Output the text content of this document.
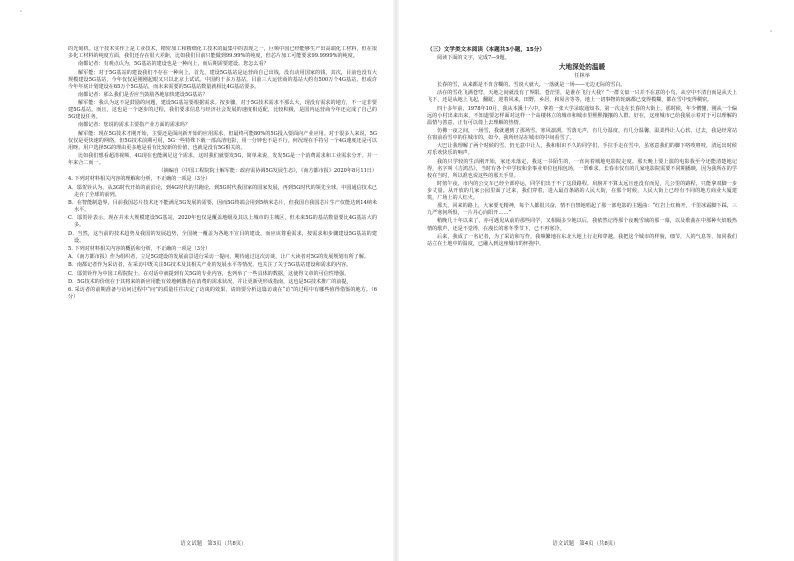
的光刻机。这个技术实作上是工业技术，精密加工和精细化工技术的最集中的表现之一，巨频中国已经能够生产出高端化工材料，但在很多化工材料的纯度方面，我们还存在很大差距，比如我们目前只能做到99.99%的纯度，但芯片加工可能要求99.9999%的纯度。

南都记者：有观点认为，5G基站的建设也是一种向上，而后期需要建设。您怎么看？

解军能：对于5G基站的建设我们不存在一种向上，首先，建设5G基站是运营商自己出钱，没有动用国家的钱，其次，目前也没有大规模建设5G基站，今年仅仅是刚刚起眼又只以北京上试试。中国约千多万基站，目前三大运营商的基站大约有500万个4G基站，但或许今年年底计划建设在65万个5G基站，而未来需要的5G基站数量就相比4G基站要多。

南都记者：那么我们是否应当鼓励各地加快建设5G基站？

解军能：我认为这不是鼓励的问题，建设5G基站要根据需求。按步骤，对于5G技术需求不那么大，现没有需求的地方，不一定非要建5G基站。而且，这也是一个逐步的过程，我们要求信息与经济社会发展的速度相适配，比较积极，是国内运营商今年还完成了自己的5G建设任务。

南都记者：您说的需求主要指产业方面的需求吗？

解军能：现在5G技术才刚开始，主要还是面向新开始的应用需求，但最终可能80%的5G投入要面向产业应用。对于很多人来说，5G仅仅是更快速的网络，但5G技术前期可用，5G一些特殊下载一部高清电影，用一分钟也不是不行，何况现在手持另一个4G速度还是可以用呀。用户选择5G的理由更多地是看有比较新的价值，也就是没有5G相关的。

比如我们想看超清视频，4G现在也能满足这个需求，这时我们就要发5G，简单来说，发发5G是一个消费需求和工业需求分开。并一年来合二而一。

（摘编自《中国工程院院士解军能：政府需协调5G发展生态》，《南方都市报》2020年8月11日）

4. 下列对材料相关内容的理解和分析，不正确的一项是（3分）

A．邬贺铨认为，从3G时代开始的前沿论，到4G时代的共跑论，到5G时代我国家的国家发展，再到5G时代的领先全球，中国通信技术已走在了全球的前列。

B．在智能制造界，目前我国芯片技术还不能满足5G发展的需要，因而5G终端会用到5纳米芯片，但我国自我国芯片生产仅能达到14纳米水平。

C．邬贺铨表示，现在并未大规模建设5G基站，2020年也仅是覆盖地级及其以上城市的主城区，但未来5G的基站数量要比4G基站大的多。

D．当然，这当前的技术趋势及我国的发展趋势，全国统一覆盖为各地不宣目的建设，而应该尊重需求，按需求和步骤建设5G基站的建设。

5. 下列对材料相关内容的概括和分析，不正确的一项是（3分）

A．《南方都市报》作为组织者，立足5G建设的发展前景进行采访一提问，期待通过这次访谈，让广大读者对5G的发展规划有所了解。

B．南都记者作为采访者，在采访中既关注5G技术及其相关产业的发展水平等情况，也关注了关于5G基站建设和需求的内容。

C．邬贺铨作为中国工程院院士，在对话中就提到有关5G的专业内容，也列举了一些具体的数据，这使得文章的可信性增强。

D．5G技术的价值在于其将来的新应用能有效地刺激者在消费的需求状况，并让更新更形成指南，这也是5G技术推广的前提。

6. 采访者的前期准备与访问过程中“问”的质量往往决定了访谈的效果，请简要分析这篇访谈在“访”的过程中有哪些值得借鉴的地方。（6分）

语文试题　第3页（共8页）

（三）文学类文本阅读（本题共3小题，15分）

阅读下面的文字，完成7—9题。

大地深处的温暖

任林举

长春的雪，从来都是不肯含糊的。雪说大就大，一落就是一场——无边无际的雪白。

活在的雪花飞满苍穹，天地之间就没有了界限。苍茫里，是谁在飞行大我？“一群文似一只并不在意的小鸟，从空中不清自而是从天上飞下，还是从地上飞起，翻跹，迎着风来，田野，乡居，和屋舍等等，地上一切事物的轮廓都已变得模糊，都在雪中变得稠密。

四十多年前，1978年10月，我从本溪十六中，拿着一张大学录取通知书，第一次走在长春的大街上。那时候，年少懵懂，刚从一个偏远的小村出来出来，不知道要怎样面对这样一个高楼林立的城市和城市里熙熙攘攘的人群。好在，这座城市已给我展示着对于可以理解的温情与善意，正有可以倚上去理解的热情。

仿佛一夜之间，一场雪，我就遇到了那场雪。寒风凛冽，雪落无声，有几分温度，有几分温馨，温柔得让人心软。过去，我是经常站在窗前看雪中的住城市的，如今，我所经站在城市的中间看雪了。

大巴让我理解了两个时候的雪，仍无意中让人，我和相识不久的同学们，手拉手走在雪中，虽寒意我们的脚下咯吱咯吱，清远出时候对乐欢快乐的响声。

我的只学较的生活刚开始，家还未落定，我这一书陌生的，一直向着城地电影院走度。那天晚上要上演的电影我至今还能清楚地记得，名字叫《吉鸿昌》，当时有各个中学校和企事业单位包相包场，一票难求。长春市仅有的几家电影院需要不同期播映，因为我所在的学校在当时，所以准也说这些的那天手里。

时值午夜，市内的公交车已经全部停运，同学们出于不了这段路程。肩膀并不算太远且连没有而见，几公里的路程，只能拿双脚一步步丈量。从开放的几家公园里面了过来，我们穿着，进入最首条路的人民大街，在那个时候，人民大街上已经有不同的地方商业大厦建筑，广场上的人红火。

那天，回来的路上，大家要无精神，每个人都很兴奋，情不自禁地唱起了那一部电影的主题曲：“红岩上红梅开，千里冰霜脚下踩，三九严寒何所惧，一片丹心向阳开……”

稍晚几十年以来了，亦可遇见从前的那些同学，又相隔多少地以后，我依然记得那个夜晚雪域的那一幕，以及歌曲在中那种火焰般热情的歌声，还是不觉得，在漫长的寒冬季节下，已不再寒冷。

后来，我成了一名记者，为了采访和写作，我频繁地在东北大地上行走和穿越。我把这个城市的样貌，细节，人的气息等，如同我们站立在土地中的温度，已融入到这座城市的怀抱中。

语文试题　第4页（共8页）
